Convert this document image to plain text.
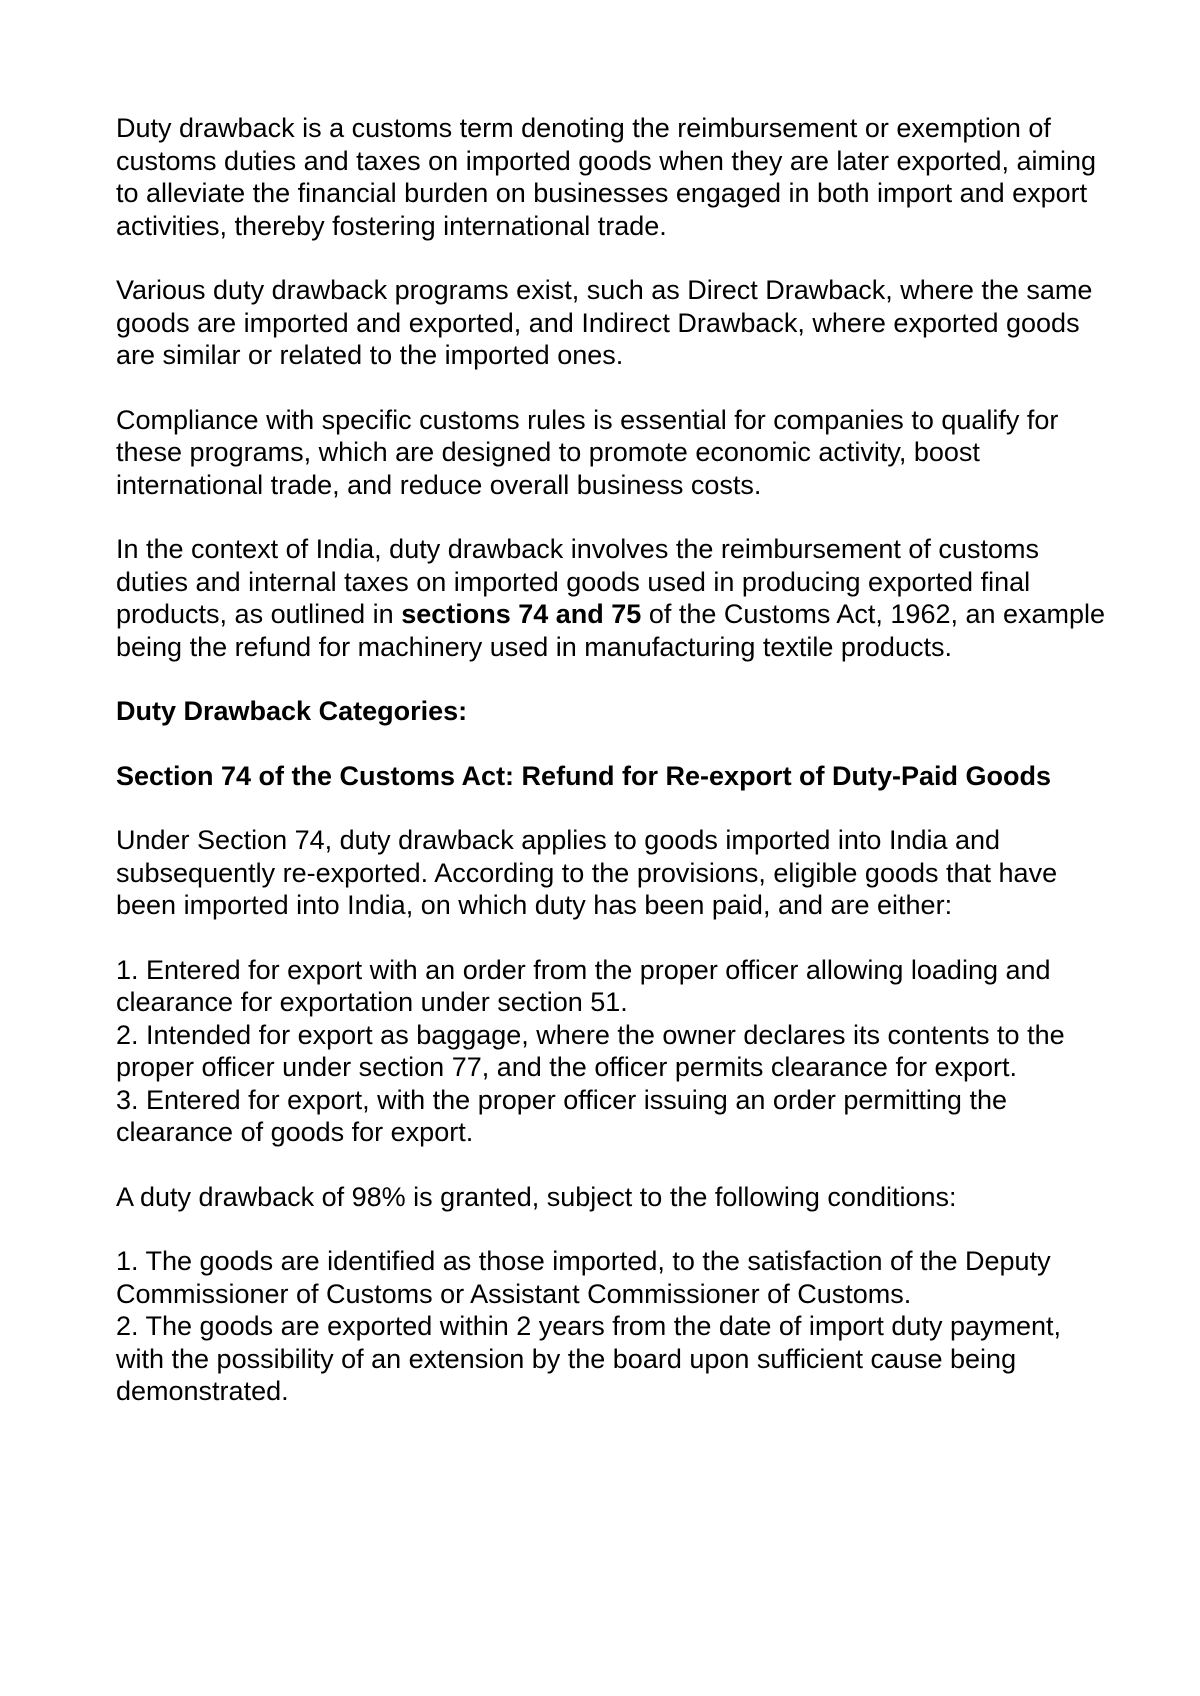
Duty drawback is a customs term denoting the reimbursement or exemption of customs duties and taxes on imported goods when they are later exported, aiming to alleviate the financial burden on businesses engaged in both import and export activities, thereby fostering international trade.

Various duty drawback programs exist, such as Direct Drawback, where the same goods are imported and exported, and Indirect Drawback, where exported goods are similar or related to the imported ones.

Compliance with specific customs rules is essential for companies to qualify for these programs, which are designed to promote economic activity, boost international trade, and reduce overall business costs.

In the context of India, duty drawback involves the reimbursement of customs duties and internal taxes on imported goods used in producing exported final products, as outlined in sections 74 and 75 of the Customs Act, 1962, an example being the refund for machinery used in manufacturing textile products.

Duty Drawback Categories:

Section 74 of the Customs Act: Refund for Re-export of Duty-Paid Goods

Under Section 74, duty drawback applies to goods imported into India and subsequently re-exported. According to the provisions, eligible goods that have been imported into India, on which duty has been paid, and are either:

1. Entered for export with an order from the proper officer allowing loading and clearance for exportation under section 51.

2. Intended for export as baggage, where the owner declares its contents to the proper officer under section 77, and the officer permits clearance for export.

3. Entered for export, with the proper officer issuing an order permitting the clearance of goods for export.

A duty drawback of 98% is granted, subject to the following conditions:

1. The goods are identified as those imported, to the satisfaction of the Deputy Commissioner of Customs or Assistant Commissioner of Customs.

2. The goods are exported within 2 years from the date of import duty payment, with the possibility of an extension by the board upon sufficient cause being demonstrated.
